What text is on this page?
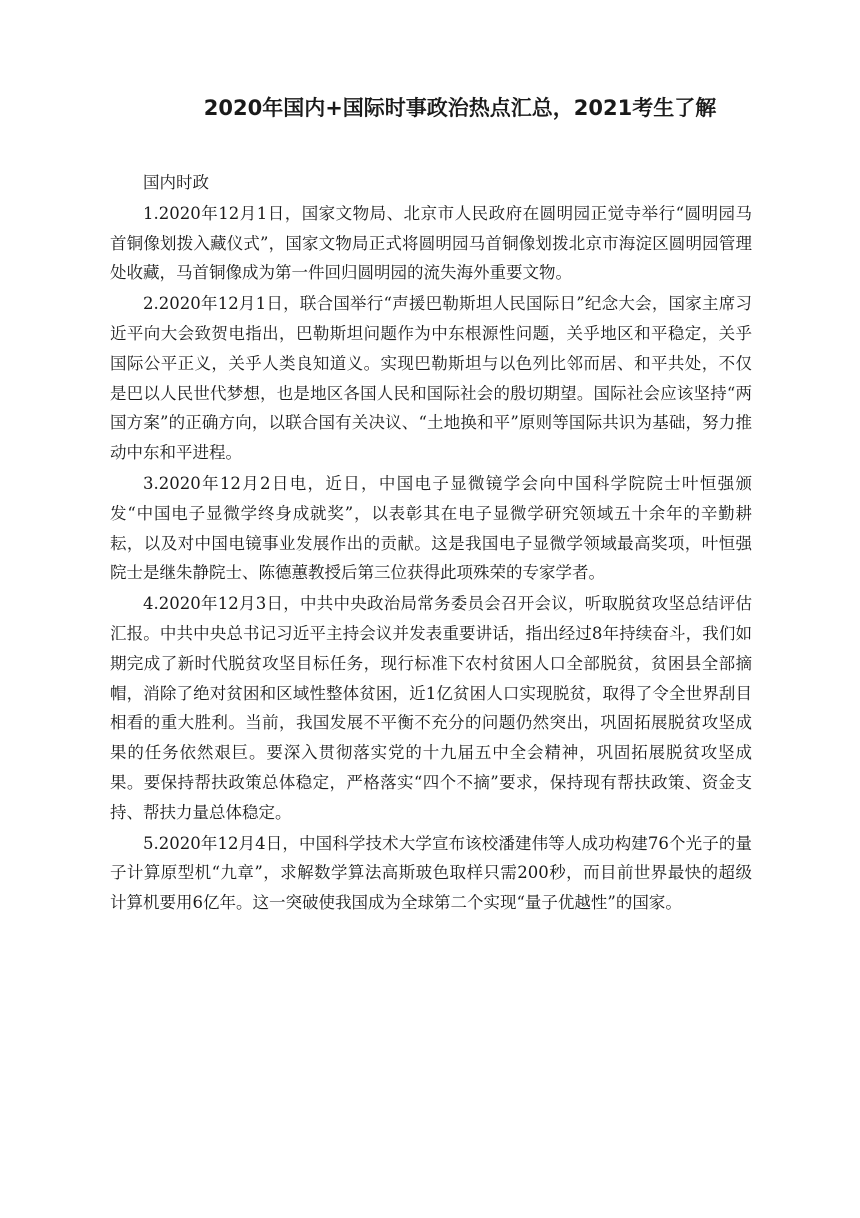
2020年国内+国际时事政治热点汇总，2021考生了解

国内时政

1.2020年12月1日，国家文物局、北京市人民政府在圆明园正觉寺举行“圆明园马首铜像划拨入藏仪式”，国家文物局正式将圆明园马首铜像划拨北京市海淀区圆明园管理处收藏，马首铜像成为第一件回归圆明园的流失海外重要文物。

2.2020年12月1日，联合国举行“声援巴勒斯坦人民国际日”纪念大会，国家主席习近平向大会致贺电指出，巴勒斯坦问题作为中东根源性问题，关乎地区和平稳定，关乎国际公平正义，关乎人类良知道义。实现巴勒斯坦与以色列比邻而居、和平共处，不仅是巴以人民世代梦想，也是地区各国人民和国际社会的殷切期望。国际社会应该坚持“两国方案”的正确方向，以联合国有关决议、“土地换和平”原则等国际共识为基础，努力推动中东和平进程。

3.2020年12月2日电，近日，中国电子显微镜学会向中国科学院院士叶恒强颁发“中国电子显微学终身成就奖”，以表彰其在电子显微学研究领域五十余年的辛勤耕耘，以及对中国电镜事业发展作出的贡献。这是我国电子显微学领域最高奖项，叶恒强院士是继朱静院士、陈德蕙教授后第三位获得此项殊荣的专家学者。

4.2020年12月3日，中共中央政治局常务委员会召开会议，听取脱贫攻坚总结评估汇报。中共中央总书记习近平主持会议并发表重要讲话，指出经过8年持续奋斗，我们如期完成了新时代脱贫攻坚目标任务，现行标准下农村贫困人口全部脱贫，贫困县全部摘帽，消除了绝对贫困和区域性整体贫困，近1亿贫困人口实现脱贫，取得了令全世界刮目相看的重大胜利。当前，我国发展不平衡不充分的问题仍然突出，巩固拓展脱贫攻坚成果的任务依然艰巨。要深入贯彻落实党的十九届五中全会精神，巩固拓展脱贫攻坚成果。要保持帮扶政策总体稳定，严格落实“四个不摘”要求，保持现有帮扶政策、资金支持、帮扶力量总体稳定。

5.2020年12月4日，中国科学技术大学宣布该校潘建伟等人成功构建76个光子的量子计算原型机“九章”，求解数学算法高斯玻色取样只需200秒，而目前世界最快的超级计算机要用6亿年。这一突破使我国成为全球第二个实现“量子优越性”的国家。
